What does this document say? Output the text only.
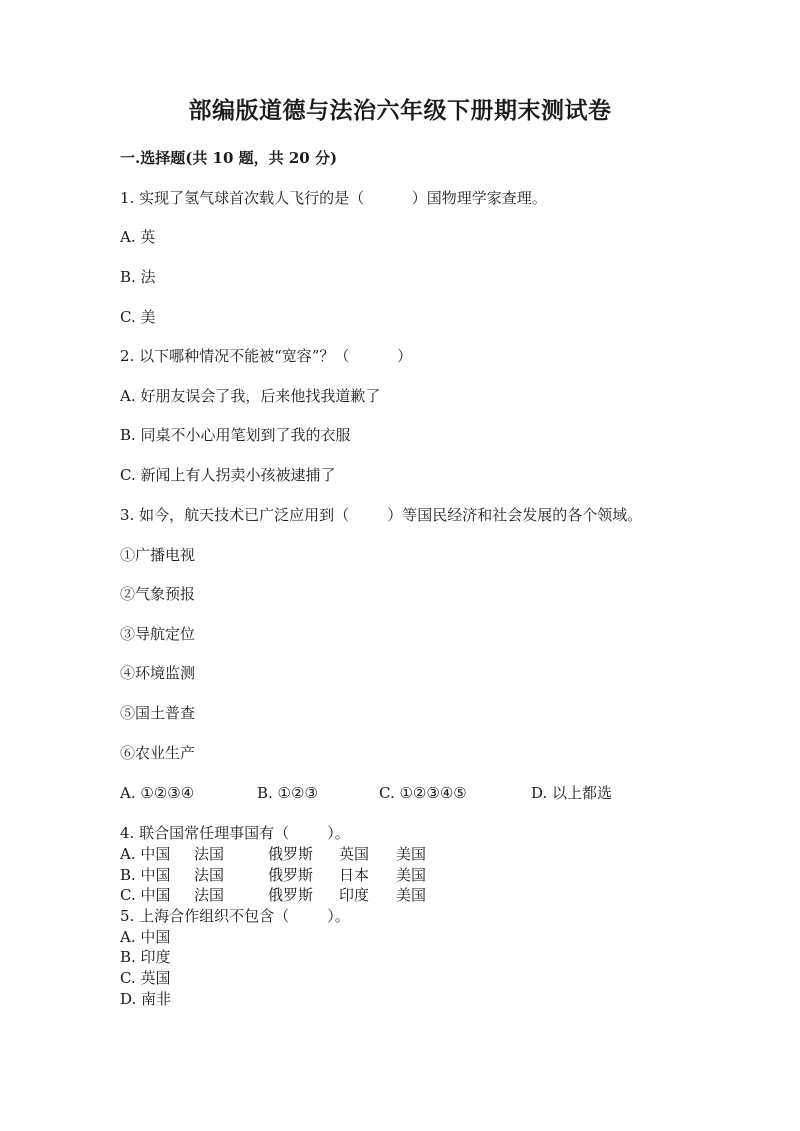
部编版道德与法治六年级下册期末测试卷
一.选择题(共 10 题，共 20 分)
1. 实现了氢气球首次载人飞行的是（          ）国物理学家查理。
A. 英
B. 法
C. 美
2. 以下哪种情况不能被“宽容”？（          ）
A. 好朋友误会了我，后来他找我道歉了
B. 同桌不小心用笔划到了我的衣服
C. 新闻上有人拐卖小孩被逮捕了
3. 如今，航天技术已广泛应用到（        ）等国民经济和社会发展的各个领域。
①广播电视
②气象预报
③导航定位
④环境监测
⑤国土普查
⑥农业生产
A. ①②③④	B. ①②③	C. ①②③④⑤	D. 以上都选
4. 联合国常任理事国有（        ）。
A. 中国 法国	俄罗斯 英国 美国
B. 中国 法国	俄罗斯 日本 美国
C. 中国 法国	俄罗斯 印度 美国
5. 上海合作组织不包含（        ）。
A. 中国
B. 印度
C. 英国
D. 南非
